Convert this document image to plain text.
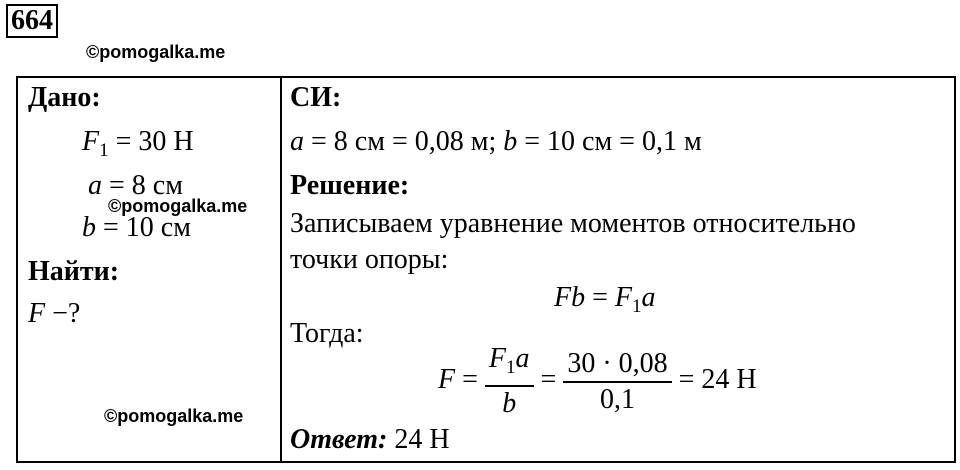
664
©pomogalka.me
Дано:
$F_1 = 30$ Н
a = 8 см
©pomogalka.me
b = 10 см
Найти:
F −?
©pomogalka.me
СИ:
a = 8 см = 0,08 м; b = 10 см = 0,1 м
Решение:
Записываем уравнение моментов относительно
точки опоры:
$Fb = F_1a$
Тогда:
$F = \frac{F_1a}{b} = \frac{30 \cdot 0,08}{0,1} = 24$ Н
Ответ: 24 Н
